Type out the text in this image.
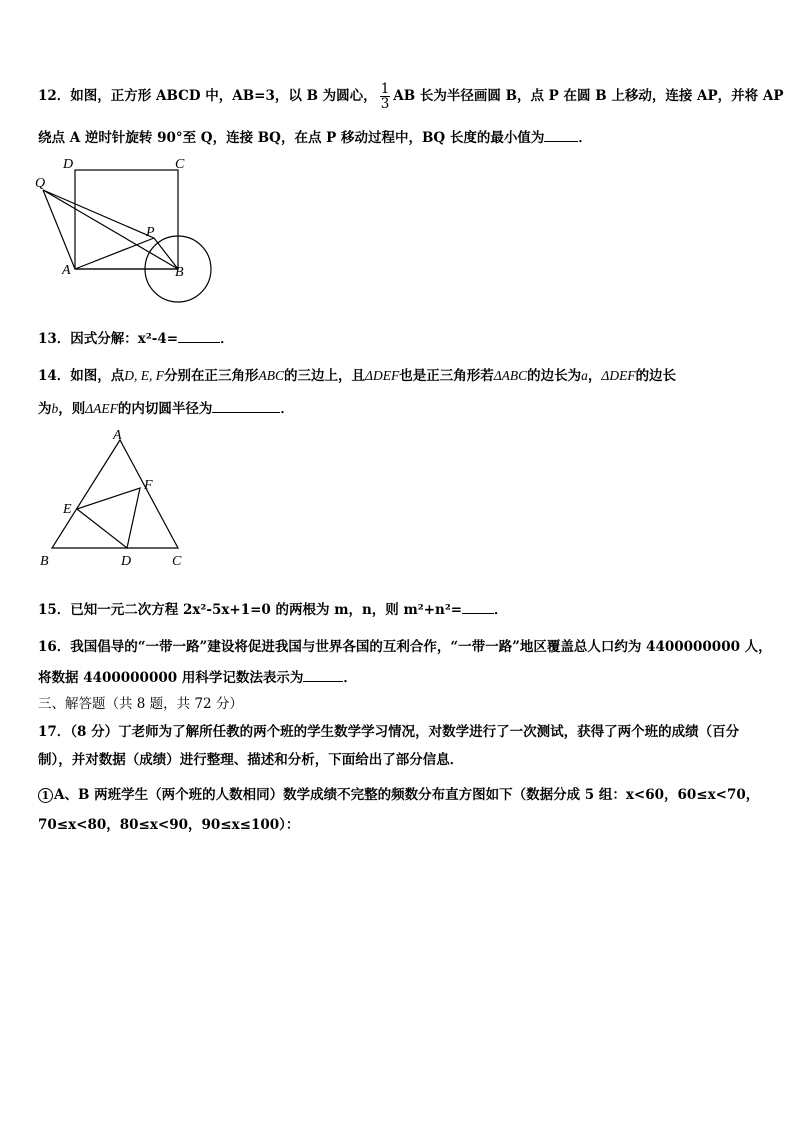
12．如图，正方形 ABCD 中，AB=3，以 B 为圆心， $\frac{1}{3}$ AB 长为半径画圆 B，点 P 在圆 B 上移动，连接 AP，并将 AP
绕点 A 逆时针旋转 90°至 Q，连接 BQ，在点 P 移动过程中，BQ 长度的最小值为	．
D	C
Q
P
A	B
13．因式分解：x²-4=	．
14．如图，点D, E, F分别在正三角形ABC的三边上，且ΔDEF也是正三角形若ΔABC的边长为a，ΔDEF的边长
为b，则ΔAEF的内切圆半径为	．
A
F
E
B	D	C
15．已知一元二次方程 2x²-5x+1=0 的两根为 m，n，则 m²+n²= ．
16．我国倡导的“一带一路”建设将促进我国与世界各国的互利合作，“一带一路”地区覆盖总人口约为 4400000000 人，
将数据 4400000000 用科学记数法表示为	．
三、解答题（共 8 题，共 72 分）
17．（8 分）丁老师为了解所任教的两个班的学生数学学习情况，对数学进行了一次测试，获得了两个班的成绩（百分
制），并对数据（成绩）进行整理、描述和分析，下面给出了部分信息．
1 A、B 两班学生（两个班的人数相同）数学成绩不完整的频数分布直方图如下（数据分成 5 组：x<60，60≤x<70，
70≤x<80，80≤x<90，90≤x≤100）：
